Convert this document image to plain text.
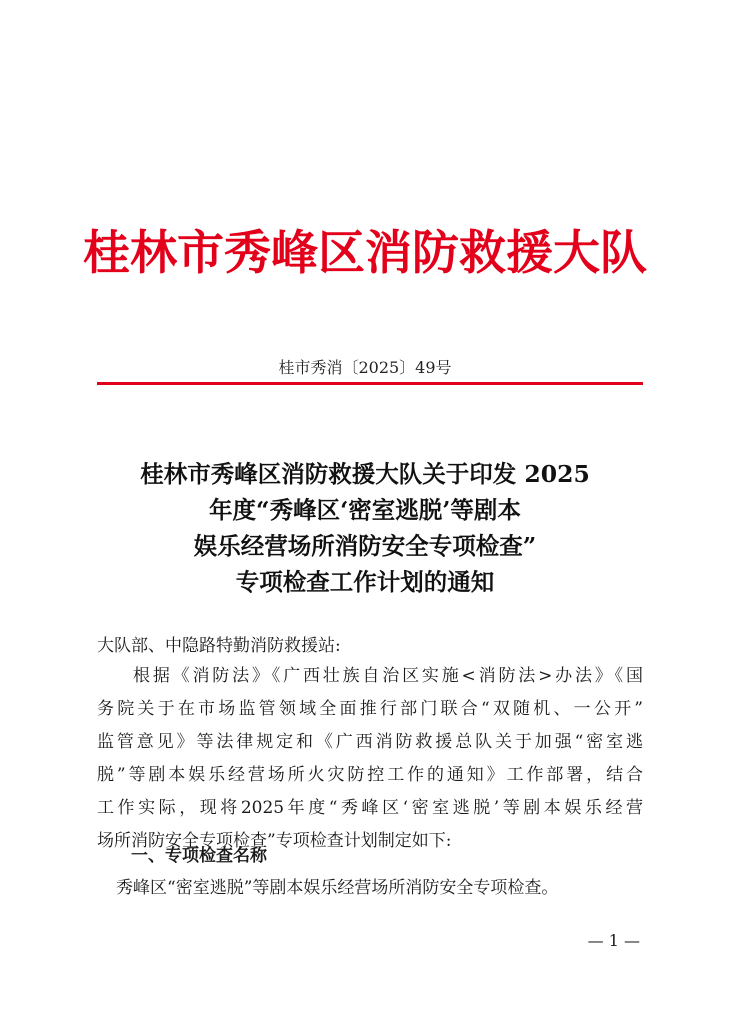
桂林市秀峰区消防救援大队
桂市秀消〔2025〕49号
桂林市秀峰区消防救援大队关于印发 2025
年度“秀峰区‘密室逃脱’等剧本
娱乐经营场所消防安全专项检查”
专项检查工作计划的通知
大队部、中隐路特勤消防救援站:
根据《消防法》《广西壮族自治区实施<消防法>办法》《国
务院关于在市场监管领域全面推行部门联合“双随机、一公开”
监管意见》等法律规定和《广西消防救援总队关于加强“密室逃
脱”等剧本娱乐经营场所火灾防控工作的通知》工作部署，结合
工作实际，现将2025年度“秀峰区‘密室逃脱’等剧本娱乐经营
场所消防安全专项检查”专项检查计划制定如下:
一、专项检查名称
秀峰区“密室逃脱”等剧本娱乐经营场所消防安全专项检查。
— 1 —
